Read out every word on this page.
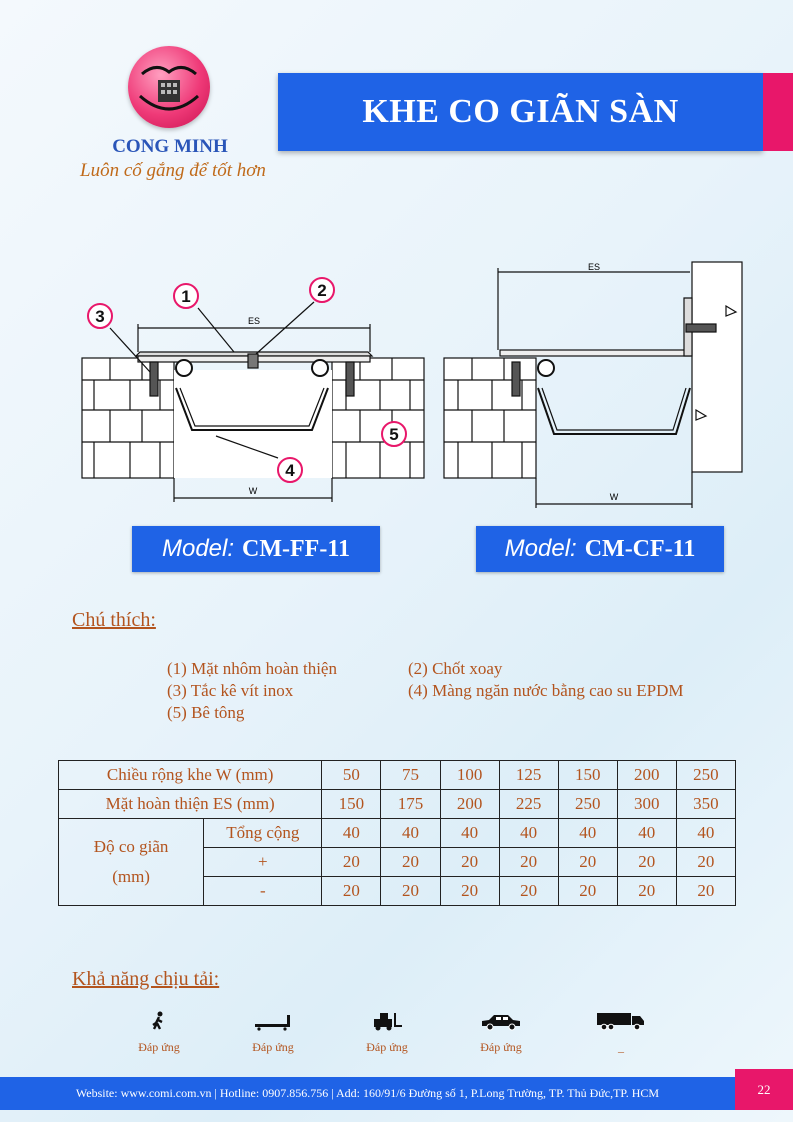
CONG MINH
Luôn cố gắng để tốt hơn
KHE CO GIÃN SÀN
ES
W
1	2
3
4
5
ES
W
Model: CM-FF-11	Model: CM-CF-11
Chú thích:
(1) Mặt nhôm hoàn thiện	(2) Chốt xoay
(3) Tắc kê vít inox	(4) Màng ngăn nước bằng cao su EPDM
(5) Bê tông
Chiều rộng khe W (mm)		50	75	100	125	150	200	250
Mặt hoàn thiện ES (mm)		150	175	200	225	250	300	350
Độ co giãn
(mm)	Tổng cộng	40	40	40	40	40	40	40
	+	20	20	20	20	20	20	20
	-	20	20	20	20	20	20	20
Khả năng chịu tải:
Đáp ứng	Đáp ứng	Đáp ứng	Đáp ứng	_
Website: www.comi.com.vn | Hotline: 0907.856.756 | Add: 160/91/6 Đường số 1, P.Long Trường, TP. Thủ Đức,TP. HCM	22
